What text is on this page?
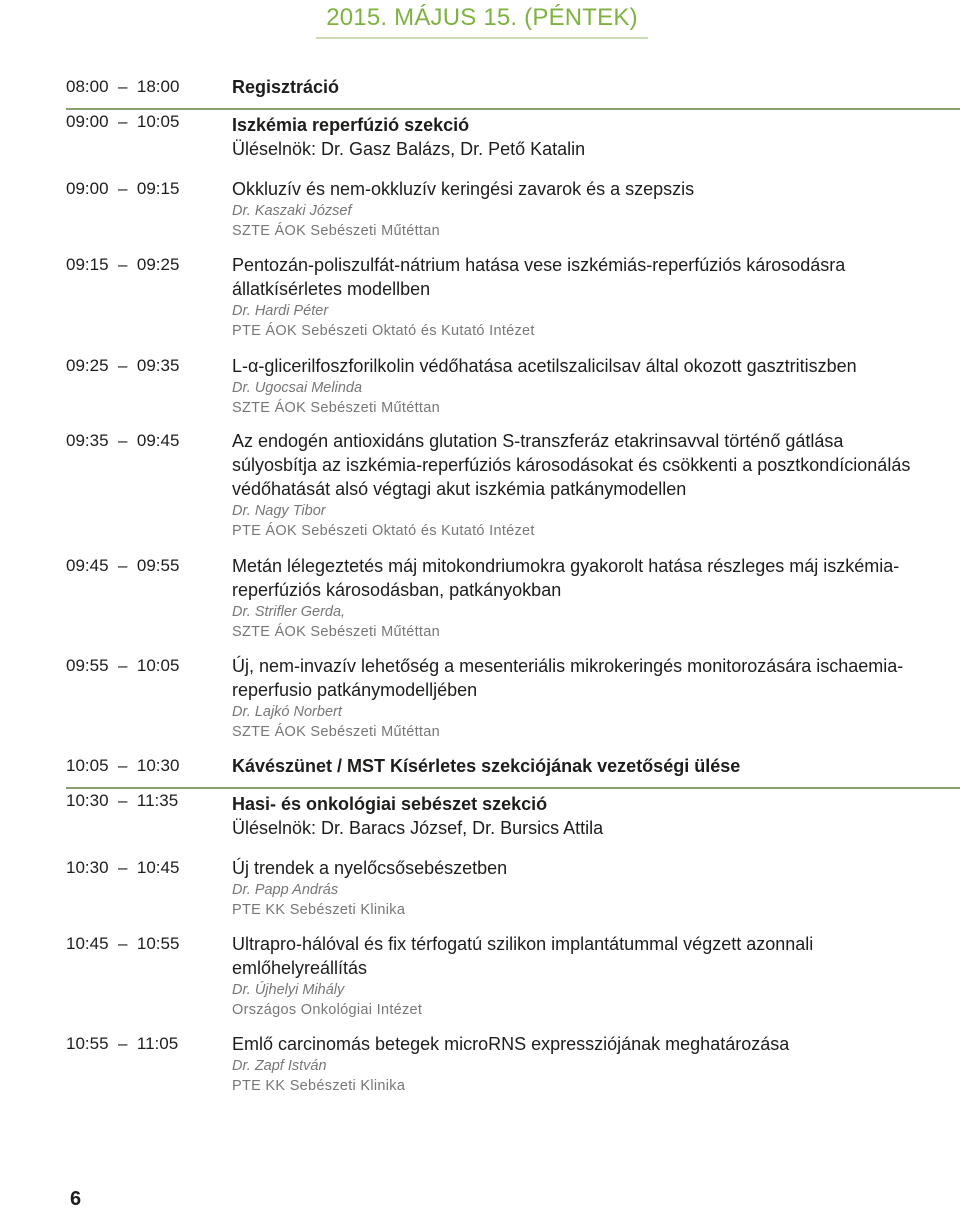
2015. MÁJUS 15. (PÉNTEK)
08:00  –  18:00	Regisztráció
09:00  –  10:05	Iszkémia reperfúzió szekció
Üléselnök: Dr. Gasz Balázs, Dr. Pető Katalin
09:00  –  09:15	Okkluzív és nem-okkluzív keringési zavarok és a szepszis
Dr. Kaszaki József
SZTE ÁOK Sebészeti Műtéttan
09:15  –  09:25	Pentozán-poliszulfát-nátrium hatása vese iszkémiás-reperfúziós károsodásra állatkísérletes modellben
Dr. Hardi Péter
PTE ÁOK Sebészeti Oktató és Kutató Intézet
09:25  –  09:35	L-α-glicerilfoszforilkolin védőhatása acetilszalicilsav által okozott gasztritiszben
Dr. Ugocsai Melinda
SZTE ÁOK Sebészeti Műtéttan
09:35  –  09:45	Az endogén antioxidáns glutation S-transzferáz etakrinsavval történő gátlása súlyosbítja az iszkémia-reperfúziós károsodásokat és csökkenti a posztkondícionálás védőhatását alsó végtagi akut iszkémia patkánymodellen
Dr. Nagy Tibor
PTE ÁOK Sebészeti Oktató és Kutató Intézet
09:45  –  09:55	Metán lélegeztetés máj mitokondriumokra gyakorolt hatása részleges máj iszkémia-reperfúziós károsodásban, patkányokban
Dr. Strifler Gerda,
SZTE ÁOK Sebészeti Műtéttan
09:55  –  10:05	Új, nem-invazív lehetőség a mesenteriális mikrokeringés monitorozására ischaemia-reperfusio patkánymodelljében
Dr. Lajkó Norbert
SZTE ÁOK Sebészeti Műtéttan
10:05  –  10:30	Kávészünet / MST Kísérletes szekciójának vezetőségi ülése
10:30  –  11:35	Hasi- és onkológiai sebészet szekció
Üléselnök: Dr. Baracs József, Dr. Bursics Attila
10:30  –  10:45	Új trendek a nyelőcsősebészetben
Dr. Papp András
PTE KK Sebészeti Klinika
10:45  –  10:55	Ultrapro-hálóval és fix térfogatú szilikon implantátummal végzett azonnali emlőhelyreállítás
Dr. Újhelyi Mihály
Országos Onkológiai Intézet
10:55  –  11:05	Emlő carcinomás betegek microRNS expressziójának meghatározása
Dr. Zapf István
PTE KK Sebészeti Klinika
6
